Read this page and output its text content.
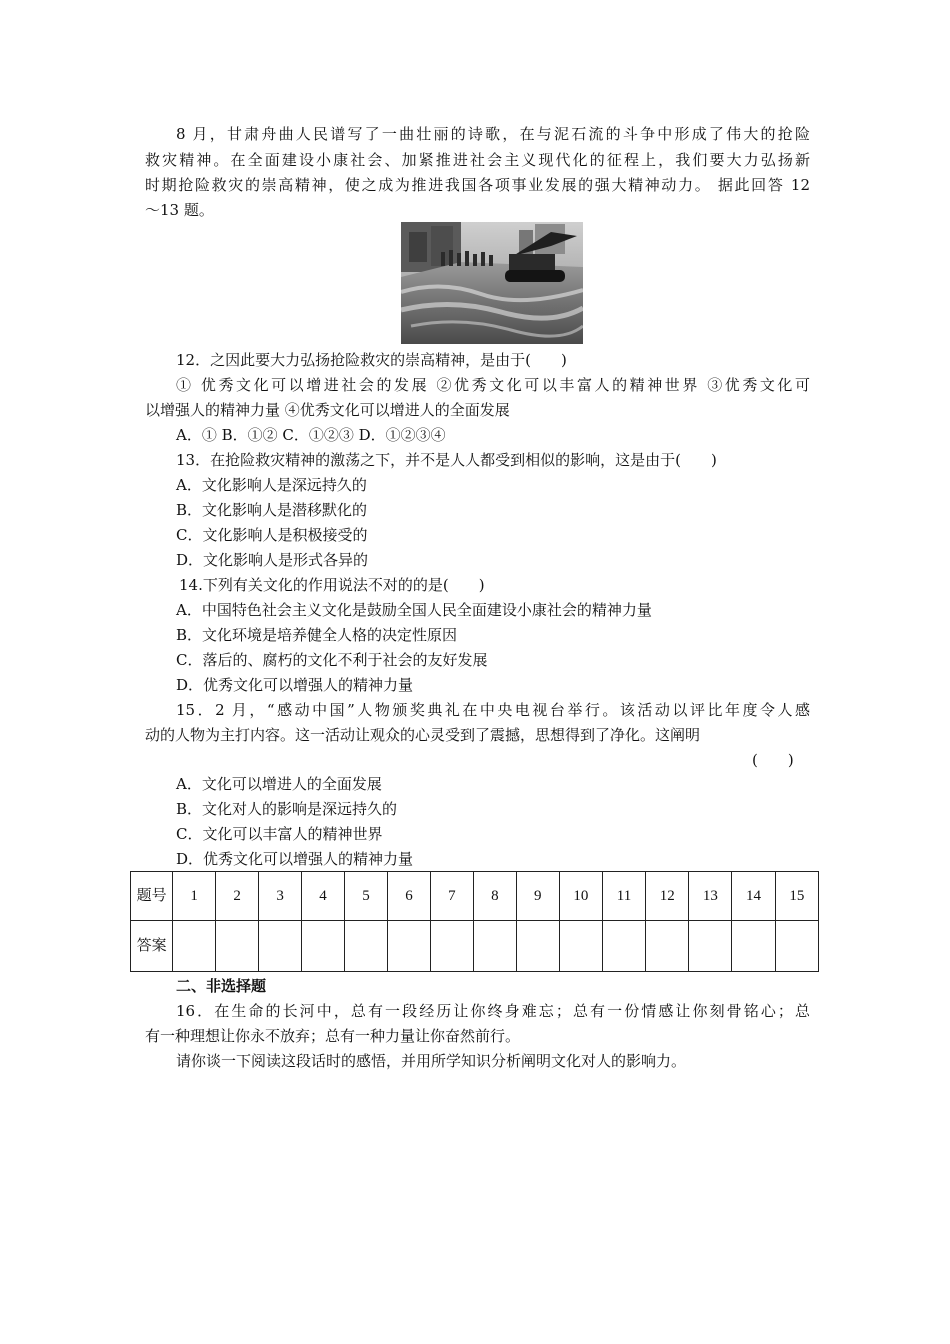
8 月，甘肃舟曲人民谱写了一曲壮丽的诗歌，在与泥石流的斗争中形成了伟大的抢险
救灾精神。在全面建设小康社会、加紧推进社会主义现代化的征程上，我们要大力弘扬新
时期抢险救灾的崇高精神，使之成为推进我国各项事业发展的强大精神动力。 据此回答 12
～13 题。
12．之因此要大力弘扬抢险救灾的崇高精神，是由于(　　)
① 优秀文化可以增进社会的发展 ②优秀文化可以丰富人的精神世界 ③优秀文化可
以增强人的精神力量 ④优秀文化可以增进人的全面发展
A．① B．①② C．①②③ D．①②③④
13．在抢险救灾精神的激荡之下，并不是人人都受到相似的影响，这是由于(　　)
A．文化影响人是深远持久的
B．文化影响人是潜移默化的
C．文化影响人是积极接受的
D．文化影响人是形式各异的
14.下列有关文化的作用说法不对的的是(　　)
A．中国特色社会主义文化是鼓励全国人民全面建设小康社会的精神力量
B．文化环境是培养健全人格的决定性原因
C．落后的、腐朽的文化不利于社会的友好发展
D．优秀文化可以增强人的精神力量
15．2 月，“感动中国”人物颁奖典礼在中央电视台举行。该活动以评比年度令人感
动的人物为主打内容。这一活动让观众的心灵受到了震撼，思想得到了净化。这阐明
(　　)
A．文化可以增进人的全面发展
B．文化对人的影响是深远持久的
C．文化可以丰富人的精神世界
D．优秀文化可以增强人的精神力量
题号	1	2	3	4	5	6	7	8	9	10	11	12	13	14	15
答案															
二、非选择题
16．在生命的长河中，总有一段经历让你终身难忘；总有一份情感让你刻骨铭心；总
有一种理想让你永不放弃；总有一种力量让你奋然前行。
请你谈一下阅读这段话时的感悟，并用所学知识分析阐明文化对人的影响力。
